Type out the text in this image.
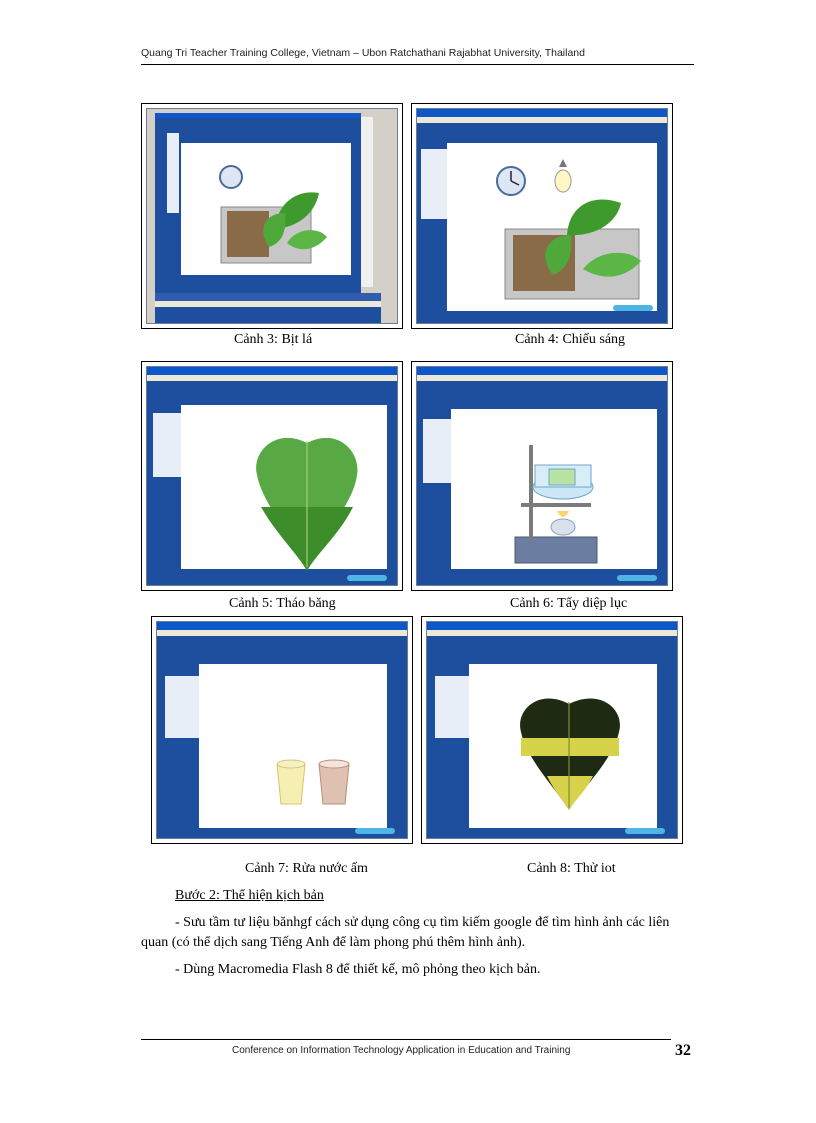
Quang Tri Teacher Training College, Vietnam – Ubon Ratchathani Rajabhat University, Thailand
Cảnh 3: Bịt lá	Cảnh 4: Chiếu sáng
Cảnh 5: Tháo băng	Cảnh 6: Tẩy diệp lục
Cảnh 7: Rửa nước ấm	Cảnh 8: Thử iot
Bước 2: Thể hiện kịch bản
- Sưu tầm tư liệu bănhgf cách sử dụng công cụ tìm kiếm google để tìm hình ảnh các liên quan (có thể dịch sang Tiếng Anh để làm phong phú thêm hình ảnh).
- Dùng Macromedia Flash 8 để thiết kế, mô phỏng theo kịch bản.
Conference on Information Technology Application in Education and Training	32
